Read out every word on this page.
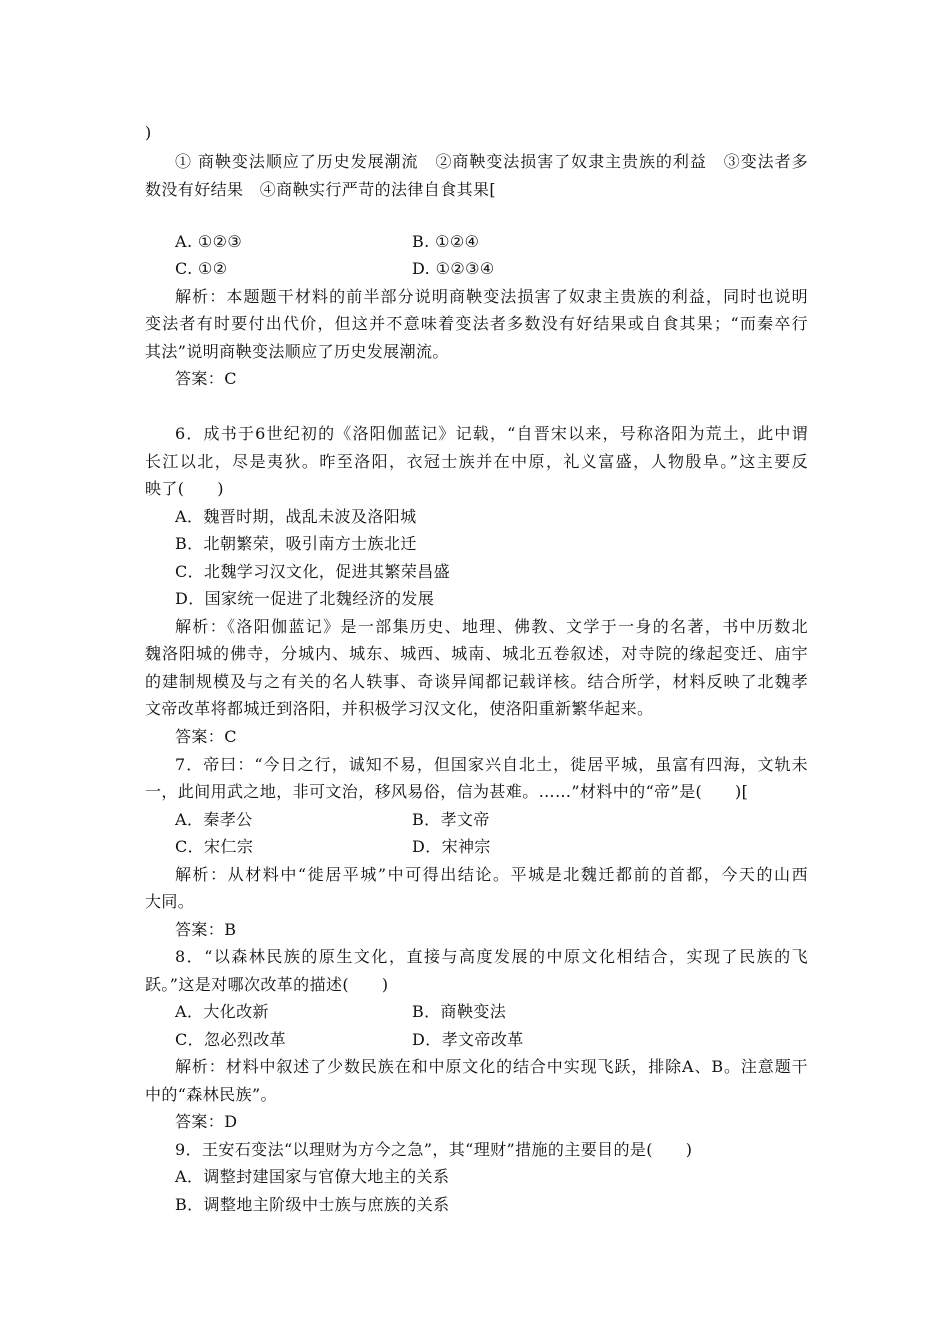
)
① 商鞅变法顺应了历史发展潮流　②商鞅变法损害了奴隶主贵族的利益　③变法者多
数没有好结果　④商鞅实行严苛的法律自食其果[
A. ①②③	B. ①②④
C. ①②	D. ①②③④
解析：本题题干材料的前半部分说明商鞅变法损害了奴隶主贵族的利益，同时也说明
变法者有时要付出代价，但这并不意味着变法者多数没有好结果或自食其果；“而秦卒行
其法”说明商鞅变法顺应了历史发展潮流。
答案：C
6．成书于6世纪初的《洛阳伽蓝记》记载，“自晋宋以来，号称洛阳为荒土，此中谓
长江以北，尽是夷狄。昨至洛阳，衣冠士族并在中原，礼义富盛，人物殷阜。”这主要反
映了(　　)
A．魏晋时期，战乱未波及洛阳城
B．北朝繁荣，吸引南方士族北迁
C．北魏学习汉文化，促进其繁荣昌盛
D．国家统一促进了北魏经济的发展
解析：《洛阳伽蓝记》是一部集历史、地理、佛教、文学于一身的名著，书中历数北
魏洛阳城的佛寺，分城内、城东、城西、城南、城北五卷叙述，对寺院的缘起变迁、庙宇
的建制规模及与之有关的名人轶事、奇谈异闻都记载详核。结合所学，材料反映了北魏孝
文帝改革将都城迁到洛阳，并积极学习汉文化，使洛阳重新繁华起来。
答案：C
7．帝曰：“今日之行，诚知不易，但国家兴自北土，徙居平城，虽富有四海，文轨未
一，此间用武之地，非可文治，移风易俗，信为甚难。……”材料中的“帝”是(　　)[
A．秦孝公	B．孝文帝
C．宋仁宗	D．宋神宗
解析：从材料中“徙居平城”中可得出结论。平城是北魏迁都前的首都，今天的山西
大同。
答案：B
8．“以森林民族的原生文化，直接与高度发展的中原文化相结合，实现了民族的飞
跃。”这是对哪次改革的描述(　　)
A．大化改新	B．商鞅变法
C．忽必烈改革	D．孝文帝改革
解析：材料中叙述了少数民族在和中原文化的结合中实现飞跃，排除A、B。注意题干
中的“森林民族”。
答案：D
9．王安石变法“以理财为方今之急”，其“理财”措施的主要目的是(　　)
A．调整封建国家与官僚大地主的关系
B．调整地主阶级中士族与庶族的关系
